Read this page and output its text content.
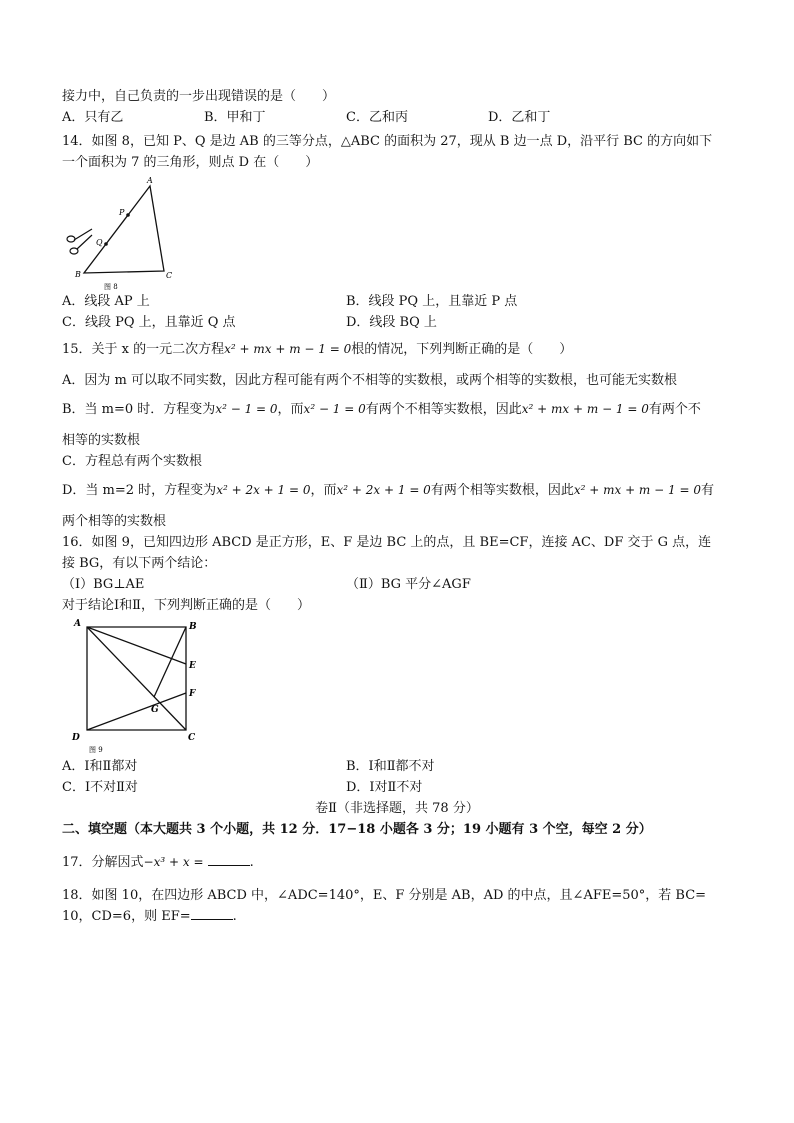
接力中，自己负责的一步出现错误的是（　　）
A．只有乙	B．甲和丁	C．乙和丙	D．乙和丁
14．如图 8，已知 P、Q 是边 AB 的三等分点，△ABC 的面积为 27，现从 B 边一点 D，沿平行 BC 的方向如下
一个面积为 7 的三角形，则点 D 在（　　）
A
P
Q
B	C
图 8
A．线段 AP 上	B．线段 PQ 上，且靠近 P 点
C．线段 PQ 上，且靠近 Q 点	D．线段 BQ 上
15．关于 x 的一元二次方程x² + mx + m − 1 = 0根的情况，下列判断正确的是（　　）
A．因为 m 可以取不同实数，因此方程可能有两个不相等的实数根，或两个相等的实数根，也可能无实数根
B．当 m=0 时．方程变为x² − 1 = 0，而x² − 1 = 0有两个不相等实数根，因此x² + mx + m − 1 = 0有两个不
相等的实数根
C．方程总有两个实数根
D．当 m=2 时，方程变为x² + 2x + 1 = 0，而x² + 2x + 1 = 0有两个相等实数根，因此x² + mx + m − 1 = 0有
两个相等的实数根
16．如图 9，已知四边形 ABCD 是正方形，E、F 是边 BC 上的点，且 BE=CF，连接 AC、DF 交于 G 点，连
接 BG，有以下两个结论：
（Ⅰ）BG⊥AE	（Ⅱ）BG 平分∠AGF
对于结论Ⅰ和Ⅱ，下列判断正确的是（　　）
A	B
E
F
G
C
D
图 9
A．Ⅰ和Ⅱ都对	B．Ⅰ和Ⅱ都不对
C．Ⅰ不对Ⅱ对	D．Ⅰ对Ⅱ不对
卷Ⅱ（非选择题，共 78 分）
二、填空题（本大题共 3 个小题，共 12 分．17−18 小题各 3 分；19 小题有 3 个空，每空 2 分）
17．分解因式−x³ + x =	.
18．如图 10，在四边形 ABCD 中，∠ADC=140°，E、F 分别是 AB，AD 的中点，且∠AFE=50°，若 BC=
10，CD=6，则 EF=	.
